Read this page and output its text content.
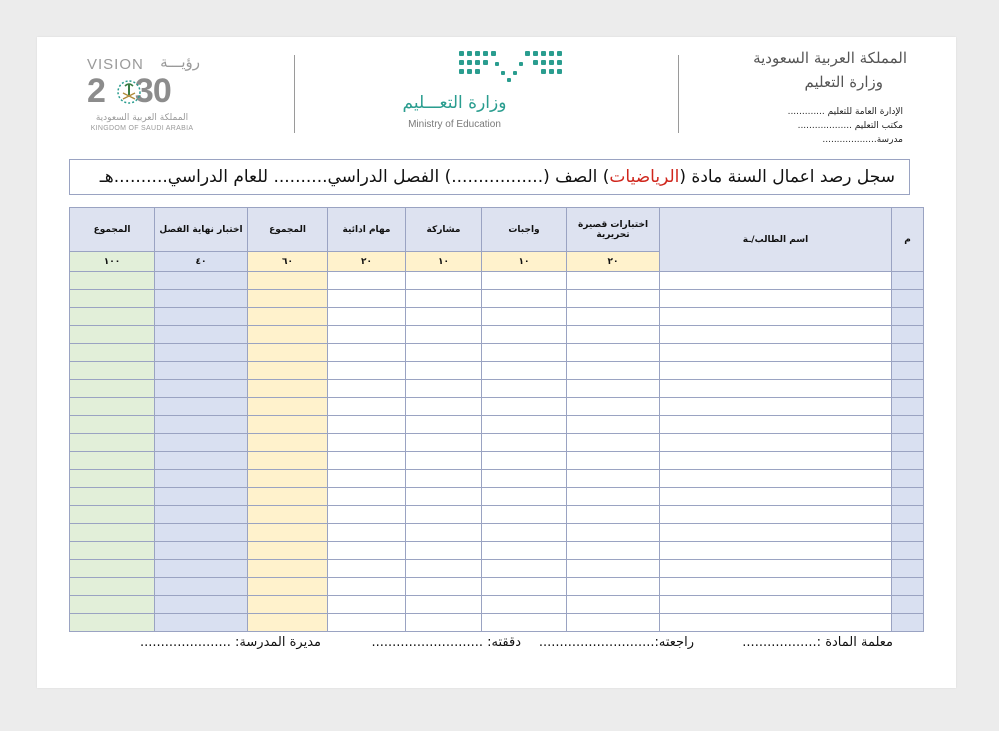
VISION رؤيـــة
2 30
المملكة العربية السعودية
KINGDOM OF SAUDI ARABIA
وزارة التعـــليم
Ministry of Education
المملكة العربية السعودية
وزارة التعليم
الإدارة العامة للتعليم .............
مكتب التعليم ...................
مدرسة...................
سجل رصد اعمال السنة مادة (الرياضيات) الصف (.................) الفصل الدراسي.......... للعام الدراسي..........هـ
المجموع	اختبار نهاية الفصل	المجموع	مهام ادائية	مشاركة	واجبات	اختبارات قصيرة تحريرية	اسم الطالب/ـة	م
١٠٠	٤٠	٦٠	٢٠	١٠	١٠	٢٠		

معلمة المادة :..................
راجعته:............................
دققته: ...........................
مديرة المدرسة: ......................
